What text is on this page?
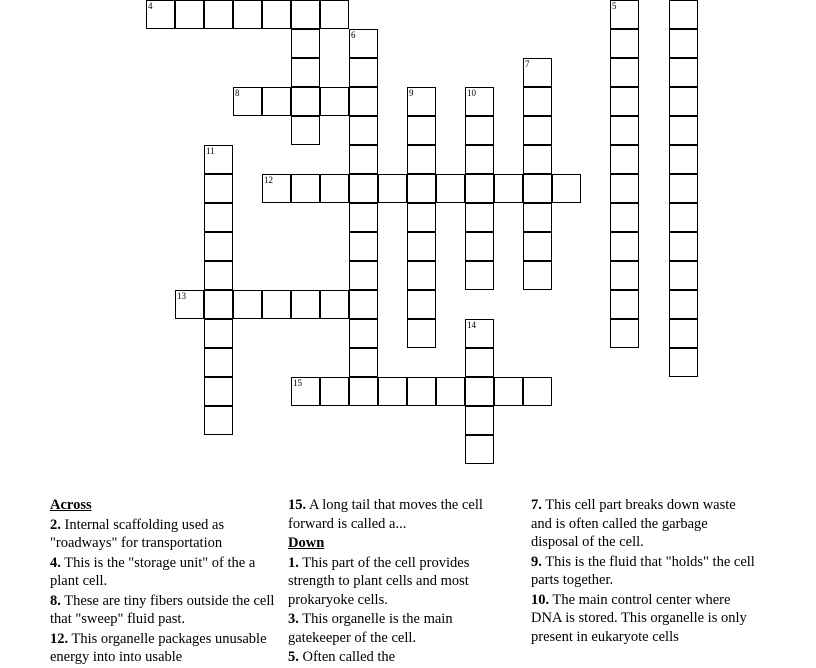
4	5
6
7
8	9	10
11
12
13
14
15
Across
2. Internal scaffolding used as "roadways" for transportation
4. This is the "storage unit" of the a plant cell.
8. These are tiny fibers outside the cell that "sweep" fluid past.
12. This organelle packages unusable energy into into usable
15. A long tail that moves the cell forward is called a...
Down
1. This part of the cell provides strength to plant cells and most prokaryoke cells.
3. This organelle is the main gatekeeper of the cell.
5. Often called the
7. This cell part breaks down waste and is often called the garbage disposal of the cell.
9. This is the fluid that "holds" the cell parts together.
10. The main control center where DNA is stored. This organelle is only present in eukaryote cells
